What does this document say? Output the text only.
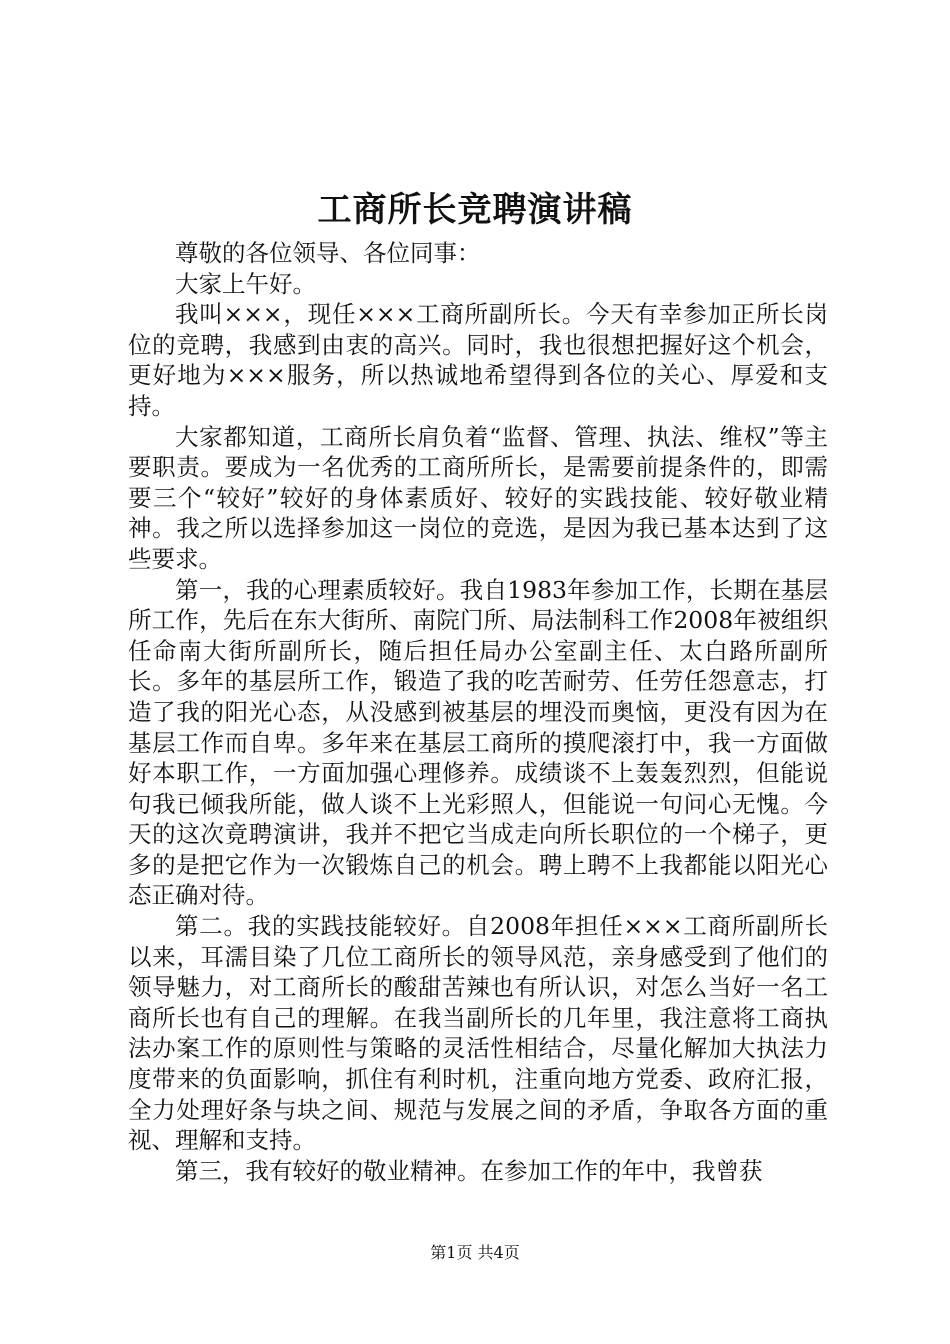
工商所长竞聘演讲稿

尊敬的各位领导、各位同事：

大家上午好。

我叫×××，现任×××工商所副所长。今天有幸参加正所长岗位的竞聘，我感到由衷的高兴。同时，我也很想把握好这个机会，更好地为×××服务，所以热诚地希望得到各位的关心、厚爱和支持。

大家都知道，工商所长肩负着“监督、管理、执法、维权”等主要职责。要成为一名优秀的工商所所长，是需要前提条件的，即需要三个“较好”较好的身体素质好、较好的实践技能、较好敬业精神。我之所以选择参加这一岗位的竞选，是因为我已基本达到了这些要求。

第一，我的心理素质较好。我自1983年参加工作，长期在基层所工作，先后在东大街所、南院门所、局法制科工作2008年被组织任命南大街所副所长，随后担任局办公室副主任、太白路所副所长。多年的基层所工作，锻造了我的吃苦耐劳、任劳任怨意志，打造了我的阳光心态，从没感到被基层的埋没而奥恼，更没有因为在基层工作而自卑。多年来在基层工商所的摸爬滚打中，我一方面做好本职工作，一方面加强心理修养。成绩谈不上轰轰烈烈，但能说句我已倾我所能，做人谈不上光彩照人，但能说一句问心无愧。今天的这次竟聘演讲，我并不把它当成走向所长职位的一个梯子，更多的是把它作为一次锻炼自己的机会。聘上聘不上我都能以阳光心态正确对待。

第二。我的实践技能较好。自2008年担任×××工商所副所长以来，耳濡目染了几位工商所长的领导风范，亲身感受到了他们的领导魅力，对工商所长的酸甜苦辣也有所认识，对怎么当好一名工商所长也有自己的理解。在我当副所长的几年里，我注意将工商执法办案工作的原则性与策略的灵活性相结合，尽量化解加大执法力度带来的负面影响，抓住有利时机，注重向地方党委、政府汇报，全力处理好条与块之间、规范与发展之间的矛盾，争取各方面的重视、理解和支持。

第三，我有较好的敬业精神。在参加工作的年中，我曾获

第1页 共4页
